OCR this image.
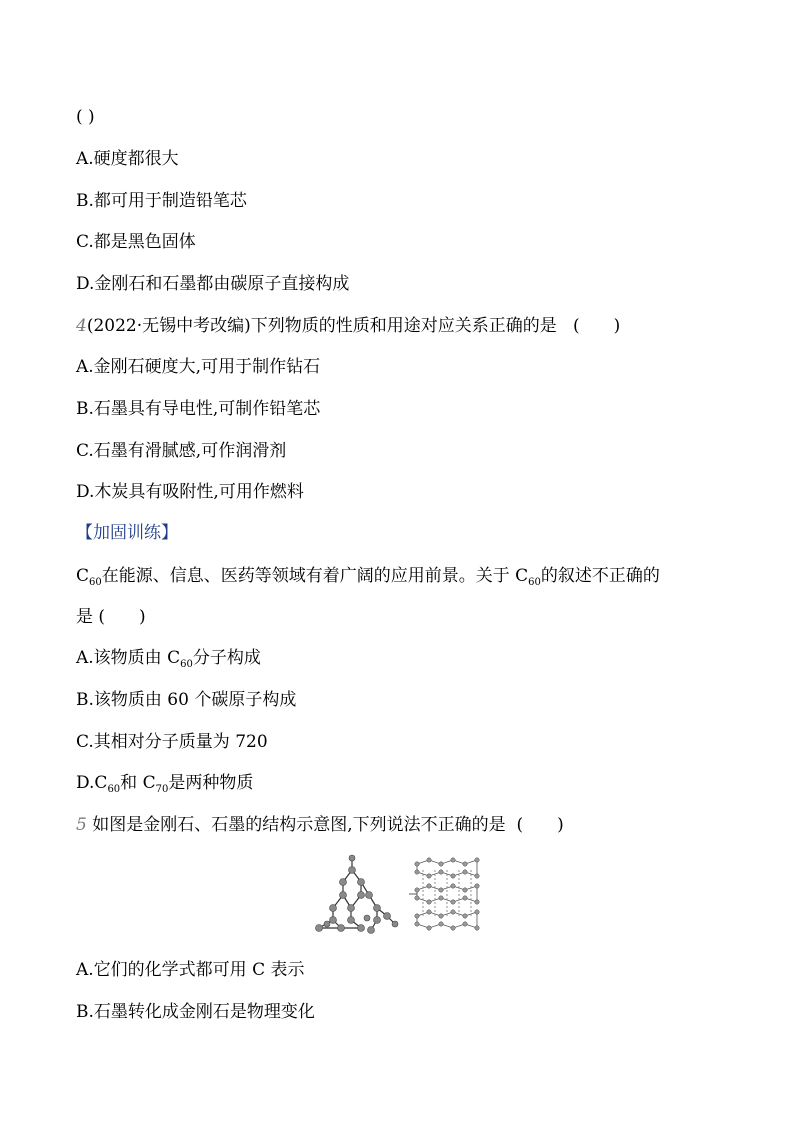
( )
A.硬度都很大
B.都可用于制造铅笔芯
C.都是黑色固体
D.金刚石和石墨都由碳原子直接构成
4(2022·无锡中考改编)下列物质的性质和用途对应关系正确的是 ( )
A.金刚石硬度大,可用于制作钻石
B.石墨具有导电性,可制作铅笔芯
C.石墨有滑腻感,可作润滑剂
D.木炭具有吸附性,可用作燃料
【加固训练】
$C_{60}$在能源、信息、医药等领域有着广阔的应用前景。关于 $C_{60}$的叙述不正确的
是 ( )
A.该物质由 $C_{60}$分子构成
B.该物质由 60 个碳原子构成
C.其相对分子质量为 720
$D.C_{60}$和 $C_{70}$是两种物质
5 如图是金刚石、石墨的结构示意图,下列说法不正确的是 ( )
A.它们的化学式都可用 C 表示
B.石墨转化成金刚石是物理变化
